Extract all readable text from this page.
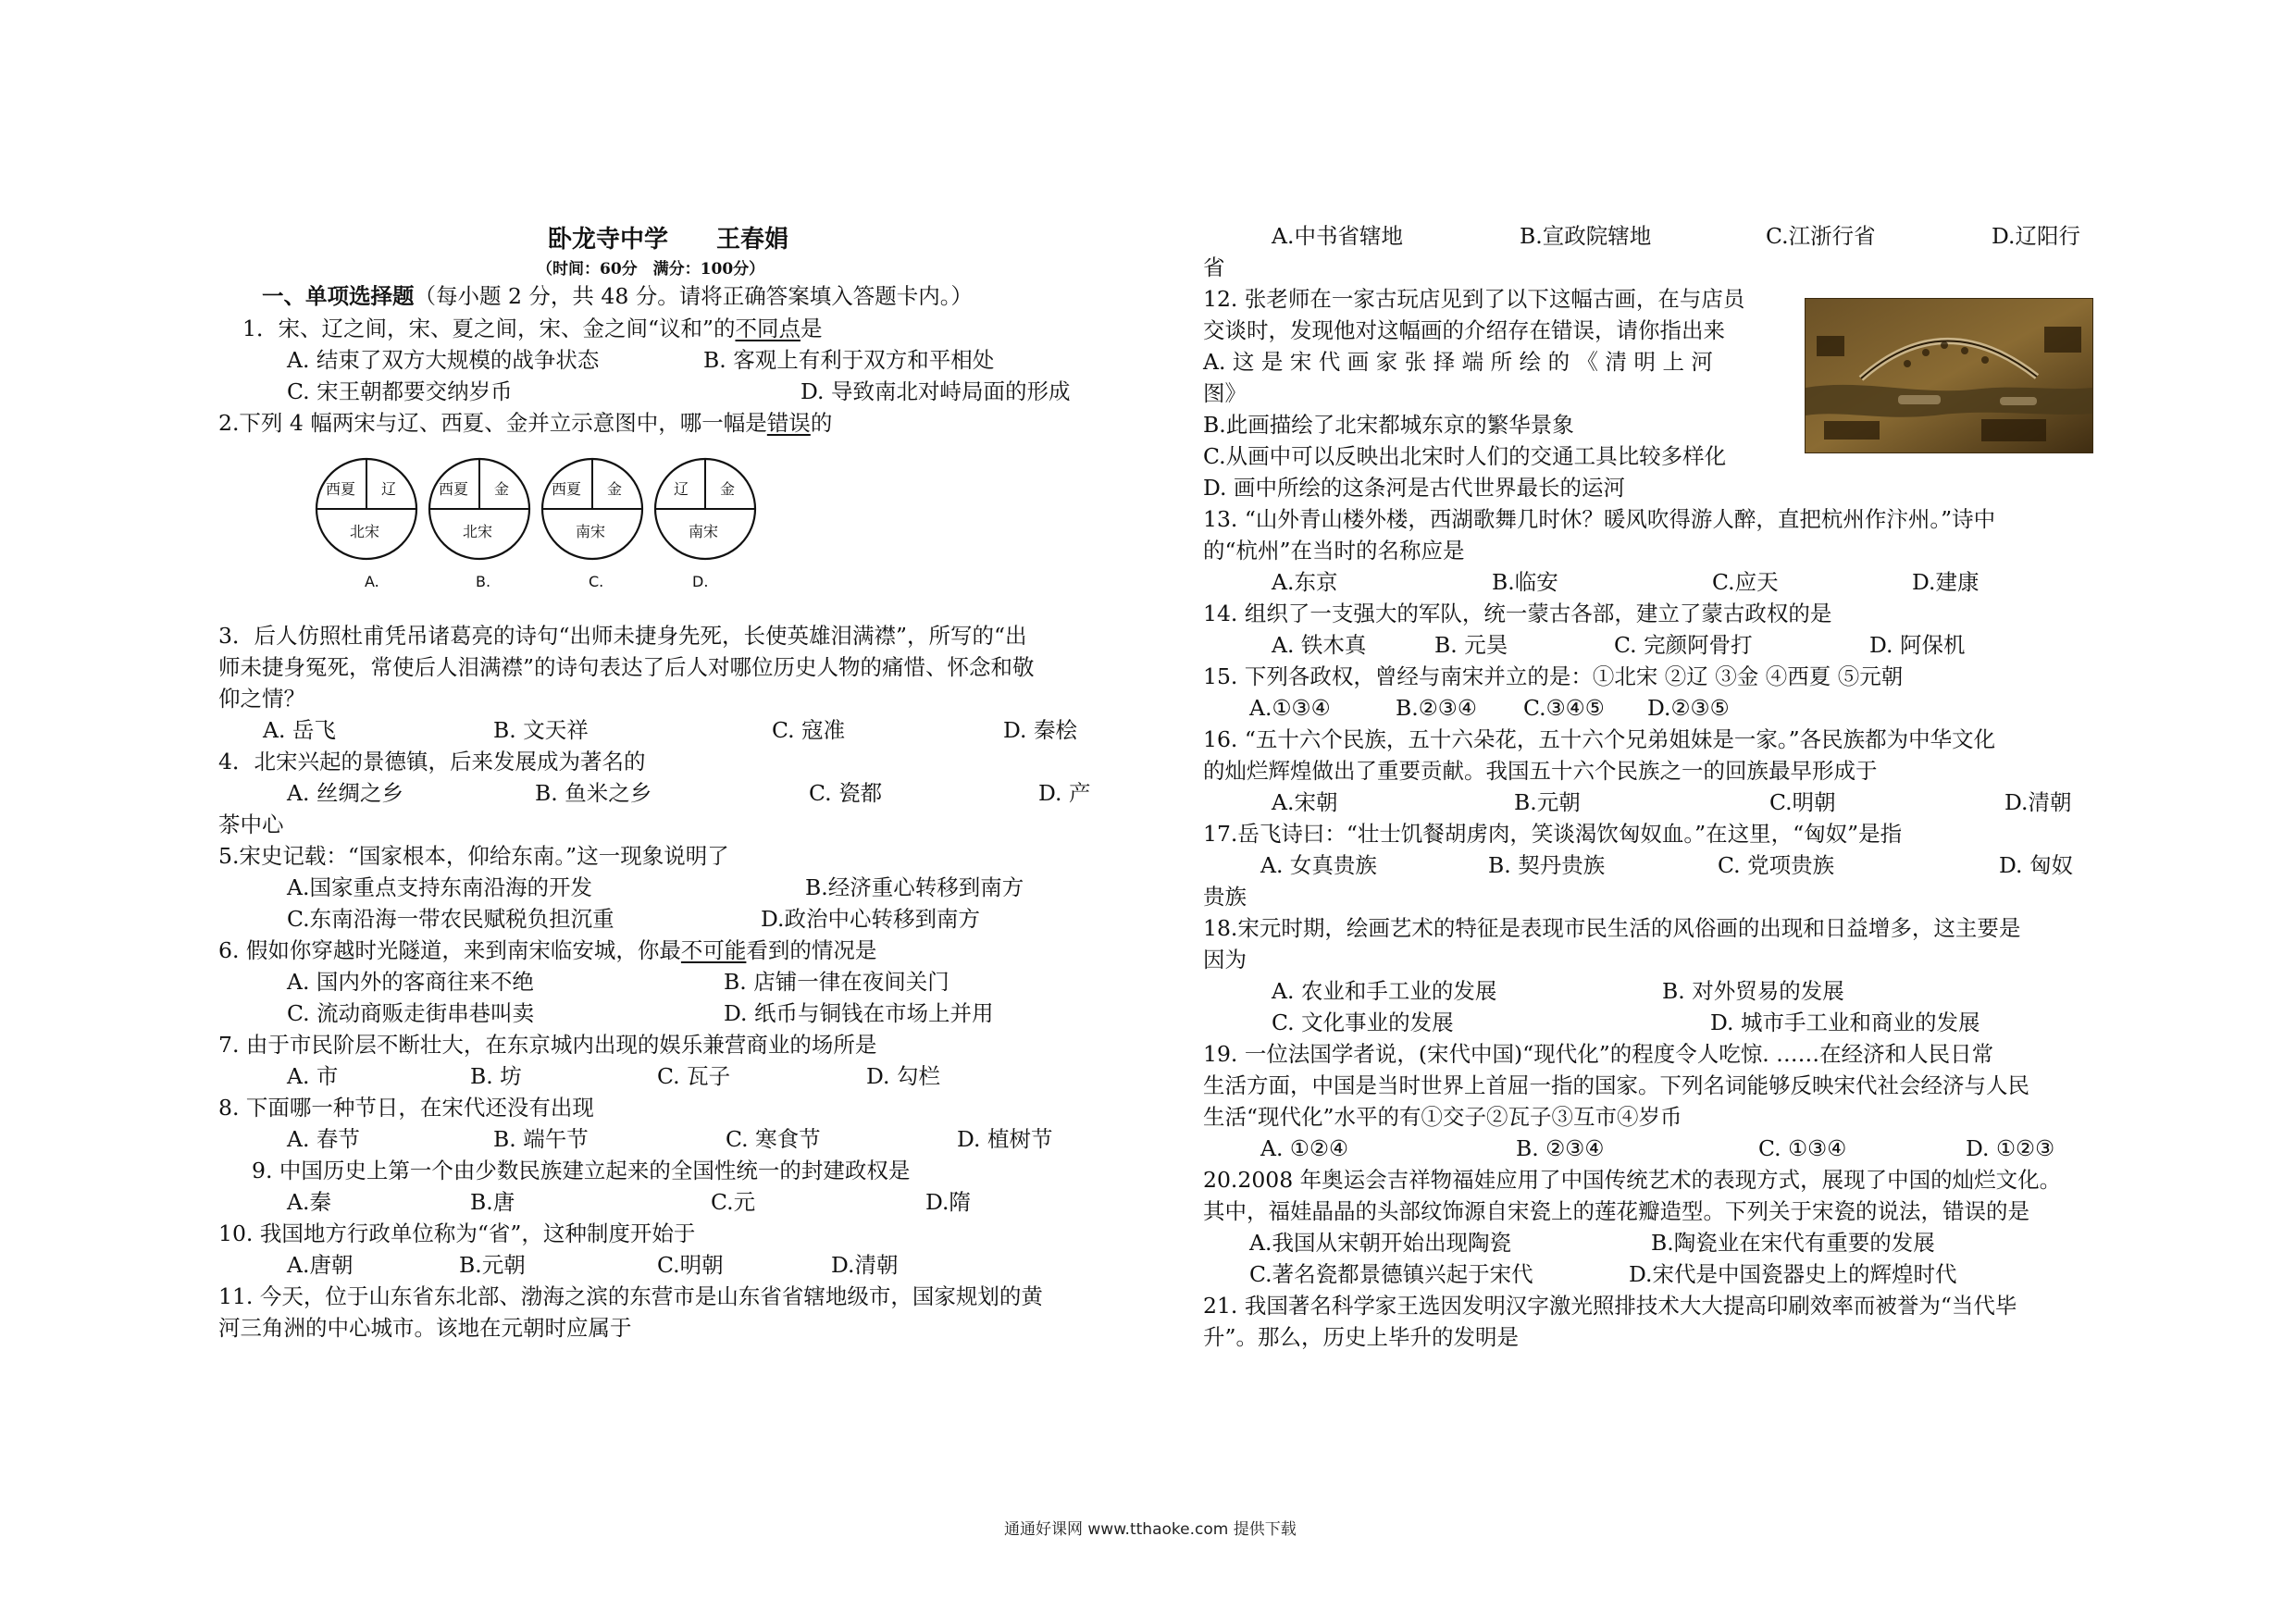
卧龙寺中学　　王春娟
（时间：60分　满分：100分）
一、单项选择题（每小题 2 分，共 48 分。请将正确答案填入答题卡内。）
1．宋、辽之间，宋、夏之间，宋、金之间“议和”的不同点是
A. 结束了双方大规模的战争状态	B. 客观上有利于双方和平相处
C. 宋王朝都要交纳岁币	D. 导致南北对峙局面的形成
2.下列 4 幅两宋与辽、西夏、金并立示意图中，哪一幅是错误的
西夏 辽
北宋
A.
西夏 金
北宋
B.
西夏 金
南宋
C.
辽 金
南宋
D.
3．后人仿照杜甫凭吊诸葛亮的诗句“出师未捷身先死，长使英雄泪满襟”，所写的“出
师未捷身冤死，常使后人泪满襟”的诗句表达了后人对哪位历史人物的痛惜、怀念和敬
仰之情？
A. 岳飞	B. 文天祥	C. 寇准	D. 秦桧
4．北宋兴起的景德镇，后来发展成为著名的
A. 丝绸之乡	B. 鱼米之乡	C. 瓷都	D. 产
茶中心
5.宋史记载：“国家根本，仰给东南。”这一现象说明了
A.国家重点支持东南沿海的开发	B.经济重心转移到南方
C.东南沿海一带农民赋税负担沉重	D.政治中心转移到南方
6. 假如你穿越时光隧道，来到南宋临安城，你最不可能看到的情况是
A. 国内外的客商往来不绝	B. 店铺一律在夜间关门
C. 流动商贩走街串巷叫卖	D. 纸币与铜钱在市场上并用
7. 由于市民阶层不断壮大，在东京城内出现的娱乐兼营商业的场所是
A. 市	B. 坊	C. 瓦子	D. 勾栏
8. 下面哪一种节日，在宋代还没有出现
A. 春节	B. 端午节	C. 寒食节	D. 植树节
9. 中国历史上第一个由少数民族建立起来的全国性统一的封建政权是
A.秦	B.唐	C.元	D.隋
10. 我国地方行政单位称为“省”，这种制度开始于
A.唐朝	B.元朝	C.明朝	D.清朝
11. 今天，位于山东省东北部、渤海之滨的东营市是山东省省辖地级市，国家规划的黄
河三角洲的中心城市。该地在元朝时应属于
A.中书省辖地	B.宣政院辖地	C.江浙行省	D.辽阳行
省
12. 张老师在一家古玩店见到了以下这幅古画，在与店员
交谈时，发现他对这幅画的介绍存在错误，请你指出来
A. 这 是 宋 代 画 家 张 择 端 所 绘 的 《 清 明 上 河
图》
B.此画描绘了北宋都城东京的繁华景象
C.从画中可以反映出北宋时人们的交通工具比较多样化
D. 画中所绘的这条河是古代世界最长的运河
13. “山外青山楼外楼，西湖歌舞几时休？暖风吹得游人醉，直把杭州作汴州。”诗中
的“杭州”在当时的名称应是
A.东京	B.临安	C.应天	D.建康
14. 组织了一支强大的军队，统一蒙古各部，建立了蒙古政权的是
A. 铁木真	B. 元昊	C. 完颜阿骨打	D. 阿保机
15. 下列各政权，曾经与南宋并立的是：①北宋 ②辽 ③金 ④西夏 ⑤元朝
A.①③④	B.②③④ C.③④⑤ D.②③⑤
16. “五十六个民族，五十六朵花，五十六个兄弟姐妹是一家。”各民族都为中华文化
的灿烂辉煌做出了重要贡献。我国五十六个民族之一的回族最早形成于
A.宋朝	B.元朝	C.明朝	D.清朝
17.岳飞诗曰：“壮士饥餐胡虏肉，笑谈渴饮匈奴血。”在这里，“匈奴”是指
A. 女真贵族	B. 契丹贵族	C. 党项贵族	D. 匈奴
贵族
18.宋元时期，绘画艺术的特征是表现市民生活的风俗画的出现和日益增多，这主要是
因为
A. 农业和手工业的发展	B. 对外贸易的发展
C. 文化事业的发展	D. 城市手工业和商业的发展
19. 一位法国学者说，(宋代中国)“现代化”的程度令人吃惊. ……在经济和人民日常
生活方面，中国是当时世界上首屈一指的国家。下列名词能够反映宋代社会经济与人民
生活“现代化”水平的有①交子②瓦子③互市④岁币
A. ①②④	B. ②③④	C. ①③④	D. ①②③
20.2008 年奥运会吉祥物福娃应用了中国传统艺术的表现方式，展现了中国的灿烂文化。
其中，福娃晶晶的头部纹饰源自宋瓷上的莲花瓣造型。下列关于宋瓷的说法，错误的是
A.我国从宋朝开始出现陶瓷	B.陶瓷业在宋代有重要的发展
C.著名瓷都景德镇兴起于宋代	D.宋代是中国瓷器史上的辉煌时代
21. 我国著名科学家王选因发明汉字激光照排技术大大提高印刷效率而被誉为“当代毕
升”。那么，历史上毕升的发明是
通通好课网 www.tthaoke.com 提供下载
